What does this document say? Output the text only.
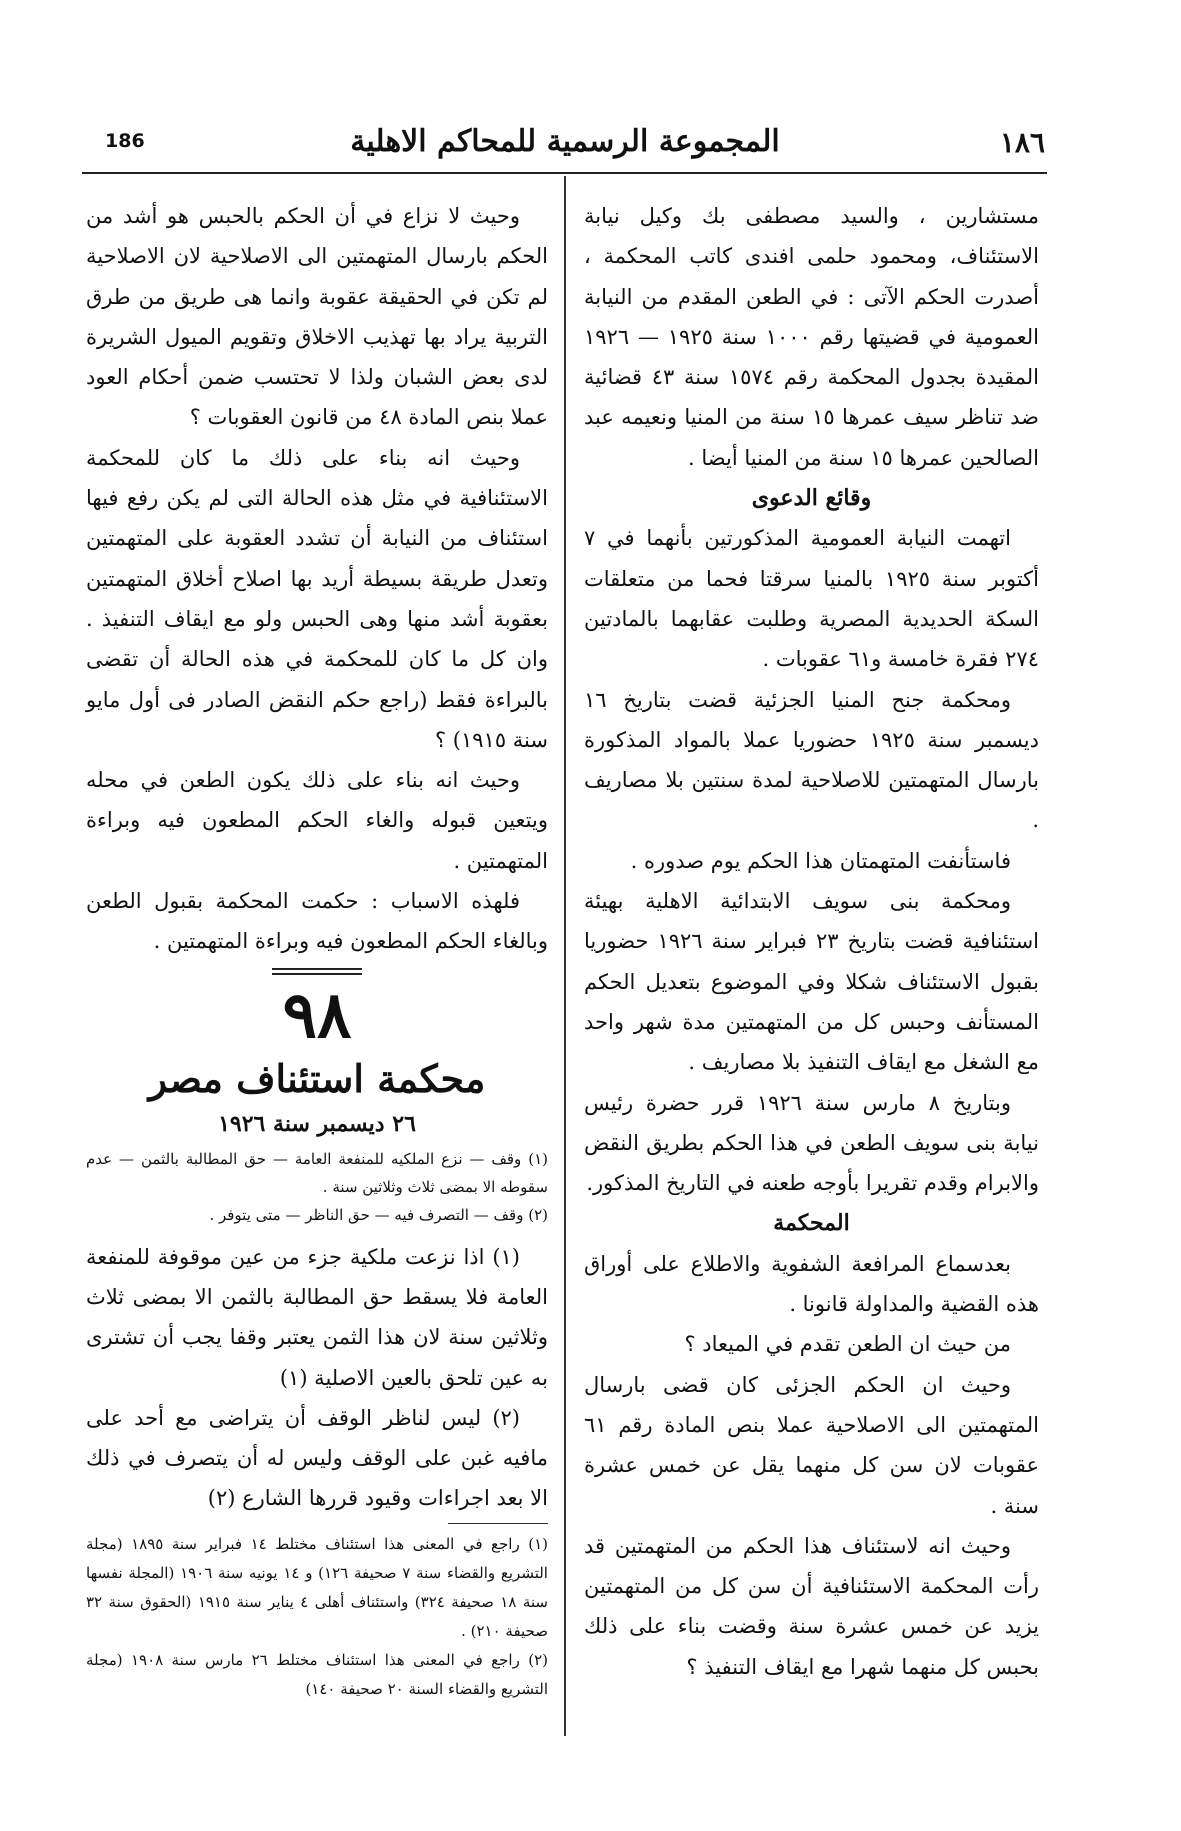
186	المجموعة الرسمية للمحاكم الاهلية	١٨٦

مستشارين ، والسيد مصطفى بك وكيل نيابة الاستئناف، ومحمود حلمى افندى كاتب المحكمة ، أصدرت الحكم الآتى : في الطعن المقدم من النيابة العمومية في قضيتها رقم ١٠٠٠ سنة ١٩٢٥ — ١٩٢٦ المقيدة بجدول المحكمة رقم ١٥٧٤ سنة ٤٣ قضائية ضد تناظر سيف عمرها ١٥ سنة من المنيا ونعيمه عبد الصالحين عمرها ١٥ سنة من المنيا أيضا .

وقائع الدعوى

اتهمت النيابة العمومية المذكورتين بأنهما في ٧ أكتوبر سنة ١٩٢٥ بالمنيا سرقتا فحما من متعلقات السكة الحديدية المصرية وطلبت عقابهما بالمادتين ٢٧٤ فقرة خامسة و٦١ عقوبات .

ومحكمة جنح المنيا الجزئية قضت بتاريخ ١٦ ديسمبر سنة ١٩٢٥ حضوريا عملا بالمواد المذكورة بارسال المتهمتين للاصلاحية لمدة سنتين بلا مصاريف .

فاستأنفت المتهمتان هذا الحكم يوم صدوره .

ومحكمة بنى سويف الابتدائية الاهلية بهيئة استئنافية قضت بتاريخ ٢٣ فبراير سنة ١٩٢٦ حضوريا بقبول الاستئناف شكلا وفي الموضوع بتعديل الحكم المستأنف وحبس كل من المتهمتين مدة شهر واحد مع الشغل مع ايقاف التنفيذ بلا مصاريف .

وبتاريخ ٨ مارس سنة ١٩٢٦ قرر حضرة رئيس نيابة بنى سويف الطعن في هذا الحكم بطريق النقض والابرام وقدم تقريرا بأوجه طعنه في التاريخ المذكور.

المحكمة

بعدسماع المرافعة الشفوية والاطلاع على أوراق هذه القضية والمداولة قانونا .

من حيث ان الطعن تقدم في الميعاد ؟

وحيث ان الحكم الجزئى كان قضى بارسال المتهمتين الى الاصلاحية عملا بنص المادة رقم ٦١ عقوبات لان سن كل منهما يقل عن خمس عشرة سنة .

وحيث انه لاستئناف هذا الحكم من المتهمتين قد رأت المحكمة الاستئنافية أن سن كل من المتهمتين يزيد عن خمس عشرة سنة وقضت بناء على ذلك بحبس كل منهما شهرا مع ايقاف التنفيذ ؟

وحيث لا نزاع في أن الحكم بالحبس هو أشد من الحكم بارسال المتهمتين الى الاصلاحية لان الاصلاحية لم تكن في الحقيقة عقوبة وانما هى طريق من طرق التربية يراد بها تهذيب الاخلاق وتقويم الميول الشريرة لدى بعض الشبان ولذا لا تحتسب ضمن أحكام العود عملا بنص المادة ٤٨ من قانون العقوبات ؟

وحيث انه بناء على ذلك ما كان للمحكمة الاستئنافية في مثل هذه الحالة التى لم يكن رفع فيها استئناف من النيابة أن تشدد العقوبة على المتهمتين وتعدل طريقة بسيطة أريد بها اصلاح أخلاق المتهمتين بعقوبة أشد منها وهى الحبس ولو مع ايقاف التنفيذ . وان كل ما كان للمحكمة في هذه الحالة أن تقضى بالبراءة فقط (راجع حكم النقض الصادر فى أول مايو سنة ١٩١٥) ؟

وحيث انه بناء على ذلك يكون الطعن في محله ويتعين قبوله والغاء الحكم المطعون فيه وبراءة المتهمتين .

فلهذه الاسباب : حكمت المحكمة بقبول الطعن وبالغاء الحكم المطعون فيه وبراءة المتهمتين .

٩٨
محكمة استئناف مصر
٢٦ ديسمبر سنة ١٩٢٦

(١) وقف — نزع الملكيه للمنفعة العامة — حق المطالبة بالثمن — عدم سقوطه الا بمضى ثلاث وثلاثين سنة .

(٢) وقف — التصرف فيه — حق الناظر — متى يتوفر .

(١) اذا نزعت ملكية جزء من عين موقوفة للمنفعة العامة فلا يسقط حق المطالبة بالثمن الا بمضى ثلاث وثلاثين سنة لان هذا الثمن يعتبر وقفا يجب أن تشترى به عين تلحق بالعين الاصلية (١)

(٢) ليس لناظر الوقف أن يتراضى مع أحد على مافيه غبن على الوقف وليس له أن يتصرف في ذلك الا بعد اجراءات وقيود قررها الشارع (٢)

(١) راجع في المعنى هذا استئناف مختلط ١٤ فبراير سنة ١٨٩٥ (مجلة التشريع والقضاء سنة ٧ صحيفة ١٢٦) و ١٤ يونيه سنة ١٩٠٦ (المجلة نفسها سنة ١٨ صحيفة ٣٢٤) واستئناف أهلى ٤ يناير سنة ١٩١٥ (الحقوق سنة ٣٢ صحيفة ٢١٠) .

(٢) راجع في المعنى هذا استئناف مختلط ٢٦ مارس سنة ١٩٠٨ (مجلة التشريع والقضاء السنة ٢٠ صحيفة ١٤٠)
